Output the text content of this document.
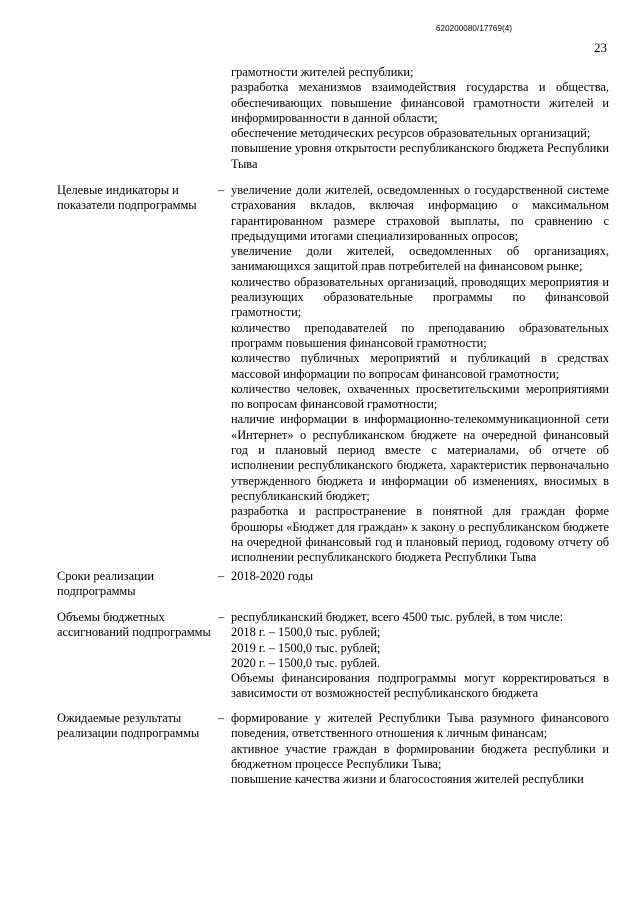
620200080/17769(4)
23

грамотности жителей республики;

разработка механизмов взаимодействия государства и общества, обеспечивающих повышение финансовой грамотности жителей и информированности в данной области;

обеспечение методических ресурсов образовательных организаций;

повышение уровня открытости республиканского бюджета Республики Тыва

Целевые индикаторы и показатели подпрограммы
– увеличение доли жителей, осведомленных о государственной системе страхования вкладов, включая информацию о максимальном гарантированном размере страховой выплаты, по сравнению с предыдущими итогами специализированных опросов;

увеличение доли жителей, осведомленных об организациях, занимающихся защитой прав потребителей на финансовом рынке;

количество образовательных организаций, проводящих мероприятия и реализующих образовательные программы по финансовой грамотности;

количество преподавателей по преподаванию образовательных программ повышения финансовой грамотности;

количество публичных мероприятий и публикаций в средствах массовой информации по вопросам финансовой грамотности;

количество человек, охваченных просветительскими мероприятиями по вопросам финансовой грамотности;

наличие информации в информационно-телекоммуникационной сети «Интернет» о республиканском бюджете на очередной финансовый год и плановый период вместе с материалами, об отчете об исполнении республиканского бюджета, характеристик первоначально утвержденного бюджета и информации об изменениях, вносимых в республиканский бюджет;

разработка и распространение в понятной для граждан форме брошюры «Бюджет для граждан» к закону о республиканском бюджете на очередной финансовый год и плановый период, годовому отчету об исполнении республиканского бюджета Республики Тыва

Сроки реализации подпрограммы
– 2018-2020 годы

Объемы бюджетных ассигнований подпрограммы
– республиканский бюджет, всего 4500 тыс. рублей, в том числе:

2018 г. – 1500,0 тыс. рублей;

2019 г. – 1500,0 тыс. рублей;

2020 г. – 1500,0 тыс. рублей.

Объемы финансирования подпрограммы могут корректироваться в зависимости от возможностей республиканского бюджета

Ожидаемые результаты реализации подпрограммы
– формирование у жителей Республики Тыва разумного финансового поведения, ответственного отношения к личным финансам;

активное участие граждан в формировании бюджета республики и бюджетном процессе Республики Тыва;

повышение качества жизни и благосостояния жителей республики
